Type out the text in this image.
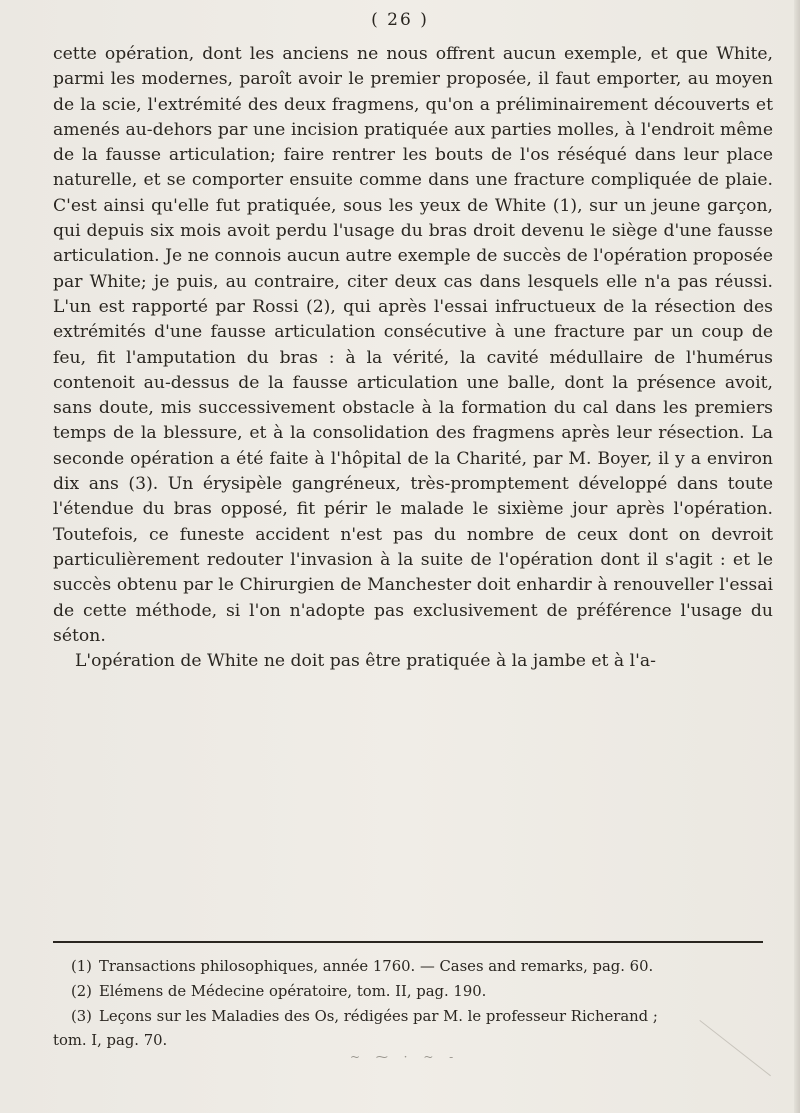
( 26 )

cette opération, dont les anciens ne nous offrent aucun exemple, et que White, parmi les modernes, paroît avoir le premier proposée, il faut emporter, au moyen de la scie, l'extrémité des deux fragmens, qu'on a préliminairement découverts et amenés au-dehors par une incision pratiquée aux parties molles, à l'endroit même de la fausse articulation; faire rentrer les bouts de l'os réséqué dans leur place naturelle, et se comporter ensuite comme dans une fracture compliquée de plaie. C'est ainsi qu'elle fut pratiquée, sous les yeux de White (1), sur un jeune garçon, qui depuis six mois avoit perdu l'usage du bras droit devenu le siège d'une fausse articulation. Je ne connois aucun autre exemple de succès de l'opération proposée par White; je puis, au contraire, citer deux cas dans lesquels elle n'a pas réussi. L'un est rapporté par Rossi (2), qui après l'essai infructueux de la résection des extrémités d'une fausse articulation consécutive à une fracture par un coup de feu, fit l'amputation du bras : à la vérité, la cavité médullaire de l'humérus contenoit au-dessus de la fausse articulation une balle, dont la présence avoit, sans doute, mis successivement obstacle à la formation du cal dans les premiers temps de la blessure, et à la consolidation des fragmens après leur résection. La seconde opération a été faite à l'hôpital de la Charité, par M. Boyer, il y a environ dix ans (3). Un érysipèle gangréneux, très-promptement développé dans toute l'étendue du bras opposé, fit périr le malade le sixième jour après l'opération. Toutefois, ce funeste accident n'est pas du nombre de ceux dont on devroit particulièrement redouter l'invasion à la suite de l'opération dont il s'agit : et le succès obtenu par le Chirurgien de Manchester doit enhardir à renouveller l'essai de cette méthode, si l'on n'adopte pas exclusivement de préférence l'usage du séton.

L'opération de White ne doit pas être pratiquée à la jambe et à l'a-

(1) Transactions philosophiques, année 1760. — Cases and remarks, pag. 60.

(2) Elémens de Médecine opératoire, tom. II, pag. 190.

(3) Leçons sur les Maladies des Os, rédigées par M. le professeur Richerand ;

tom. I, pag. 70.

~ ⁓ · ~ -
